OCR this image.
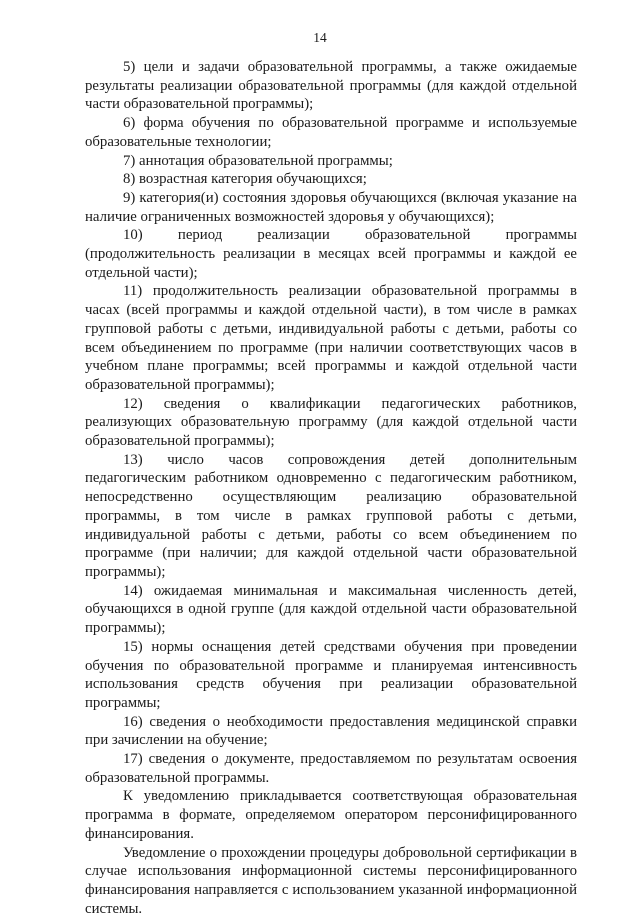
14

5) цели и задачи образовательной программы, а также ожидаемые результаты реализации образовательной программы (для каждой отдельной части образовательной программы);

6) форма обучения по образовательной программе и используемые образовательные технологии;

7) аннотация образовательной программы;

8) возрастная категория обучающихся;

9) категория(и) состояния здоровья обучающихся (включая указание на наличие ограниченных возможностей здоровья у обучающихся);

10) период реализации образовательной программы (продолжительность реализации в месяцах всей программы и каждой ее отдельной части);

11) продолжительность реализации образовательной программы в часах (всей программы и каждой отдельной части), в том числе в рамках групповой работы с детьми, индивидуальной работы с детьми, работы со всем объединением по программе (при наличии соответствующих часов в учебном плане программы; всей программы и каждой отдельной части образовательной программы);

12) сведения о квалификации педагогических работников, реализующих образовательную программу (для каждой отдельной части образовательной программы);

13) число часов сопровождения детей дополнительным педагогическим работником одновременно с педагогическим работником, непосредственно осуществляющим реализацию образовательной программы, в том числе в рамках групповой работы с детьми, индивидуальной работы с детьми, работы со всем объединением по программе (при наличии; для каждой отдельной части образовательной программы);

14) ожидаемая минимальная и максимальная численность детей, обучающихся в одной группе (для каждой отдельной части образовательной программы);

15) нормы оснащения детей средствами обучения при проведении обучения по образовательной программе и планируемая интенсивность использования средств обучения при реализации образовательной программы;

16) сведения о необходимости предоставления медицинской справки при зачислении на обучение;

17) сведения о документе, предоставляемом по результатам освоения образовательной программы.

К уведомлению прикладывается соответствующая образовательная программа в формате, определяемом оператором персонифицированного финансирования.

Уведомление о прохождении процедуры добровольной сертификации в случае использования информационной системы персонифицированного финансирования направляется с использованием указанной информационной системы.
